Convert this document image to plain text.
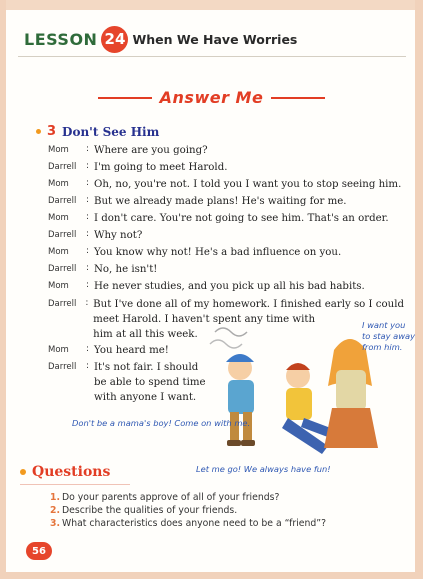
LESSON 24 When We Have Worries
Answer Me
3 Don't See Him
Mom	: Where are you going?
Darrell	: I'm going to meet Harold.
Mom	: Oh, no, you're not. I told you I want you to stop seeing him.
Darrell	: But we already made plans! He's waiting for me.
Mom	: I don't care. You're not going to see him. That's an order.
Darrell	: Why not?
Mom	: You know why not! He's a bad influence on you.
Darrell	: No, he isn't!
Mom	: He never studies, and you pick up all his bad habits.
Darrell : But I've done all of my homework. I finished early so I could
meet Harold. I haven't spent any time with
him at all this week.
Mom	: You heard me!
Darrell	: It's not fair. I should
be able to spend time
with anyone I want.
I want you
to stay away
from him.
Don't be a mama's boy! Come on with me.
Let me go! We always have fun!
Questions
1. Do your parents approve of all of your friends?
2. Describe the qualities of your friends.
3. What characteristics does anyone need to be a “friend”?
56
